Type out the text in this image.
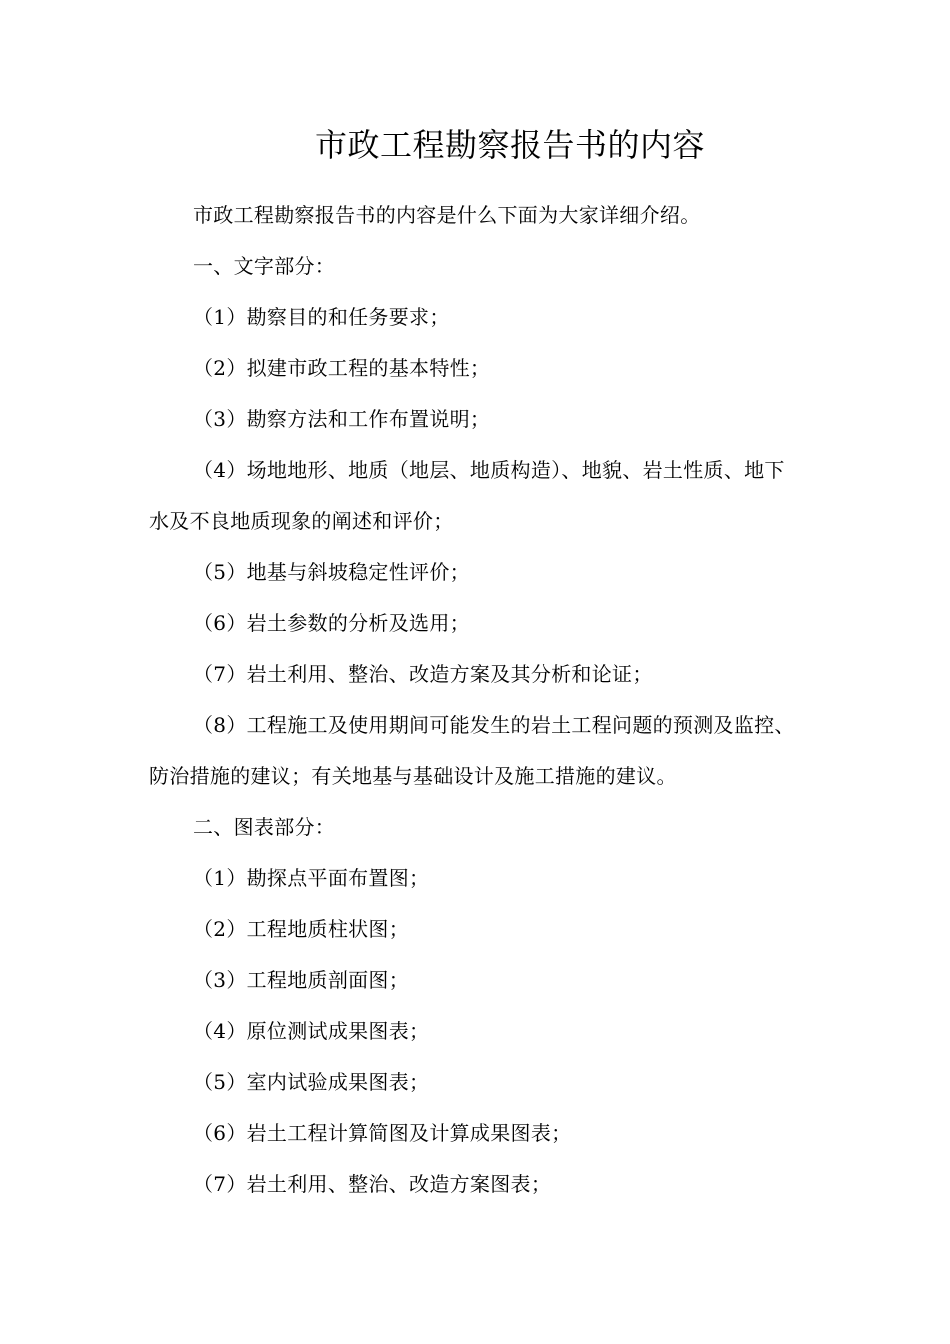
市政工程勘察报告书的内容

市政工程勘察报告书的内容是什么下面为大家详细介绍。

一、文字部分：

（1）勘察目的和任务要求；

（2）拟建市政工程的基本特性；

（3）勘察方法和工作布置说明；

（4）场地地形、地质（地层、地质构造）、地貌、岩土性质、地下水及不良地质现象的阐述和评价；

（5）地基与斜坡稳定性评价；

（6）岩土参数的分析及选用；

（7）岩土利用、整治、改造方案及其分析和论证；

（8）工程施工及使用期间可能发生的岩土工程问题的预测及监控、防治措施的建议；有关地基与基础设计及施工措施的建议。

二、图表部分：

（1）勘探点平面布置图；

（2）工程地质柱状图；

（3）工程地质剖面图；

（4）原位测试成果图表；

（5）室内试验成果图表；

（6）岩土工程计算简图及计算成果图表；

（7）岩土利用、整治、改造方案图表；
